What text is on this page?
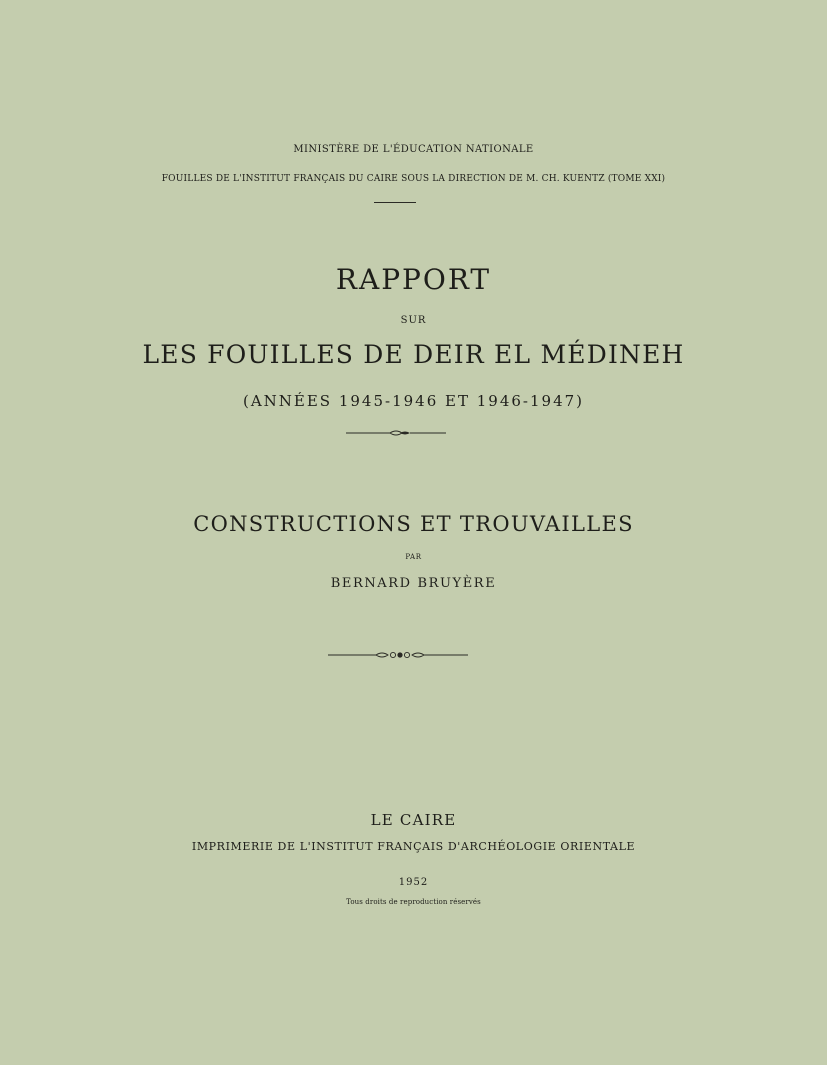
MINISTÈRE DE L'ÉDUCATION NATIONALE
FOUILLES DE L'INSTITUT FRANÇAIS DU CAIRE SOUS LA DIRECTION DE M. CH. KUENTZ (TOME XXI)
RAPPORT
SUR
LES FOUILLES DE DEIR EL MÉDINEH
(ANNÉES 1945-1946 ET 1946-1947)
CONSTRUCTIONS ET TROUVAILLES
PAR
BERNARD BRUYÈRE
LE CAIRE
IMPRIMERIE DE L'INSTITUT FRANÇAIS D'ARCHÉOLOGIE ORIENTALE
1952
Tous droits de reproduction réservés
